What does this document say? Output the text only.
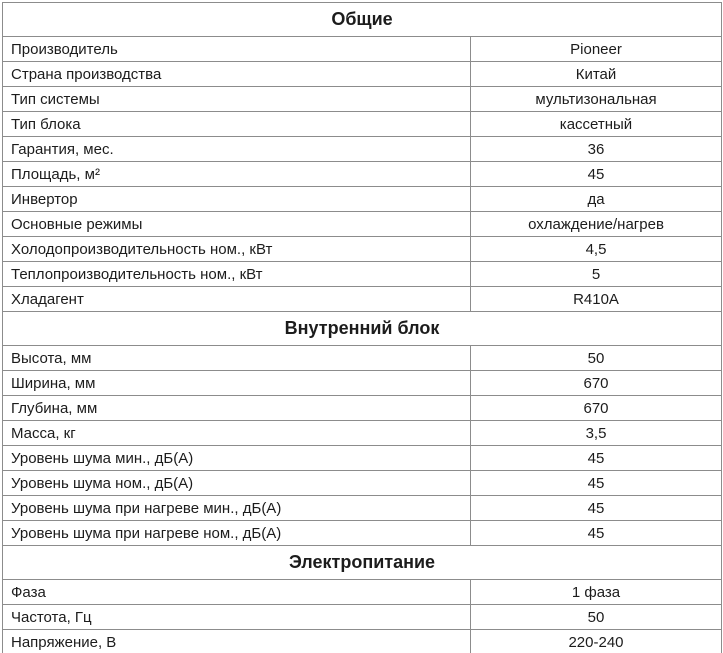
Общие	
Производитель	Pioneer
Страна производства	Китай
Тип системы	мультизональная
Тип блока	кассетный
Гарантия, мес.	36
Площадь, м²	45
Инвертор	да
Основные режимы	охлаждение/нагрев
Холодопроизводительность ном., кВт	4,5
Теплопроизводительность ном., кВт	5
Хладагент	R410A
Внутренний блок	
Высота, мм	50
Ширина, мм	670
Глубина, мм	670
Масса, кг	3,5
Уровень шума мин., дБ(А)	45
Уровень шума ном., дБ(А)	45
Уровень шума при нагреве мин., дБ(А)	45
Уровень шума при нагреве ном., дБ(А)	45
Электропитание	
Фаза	1 фаза
Частота, Гц	50
Напряжение, В	220-240
